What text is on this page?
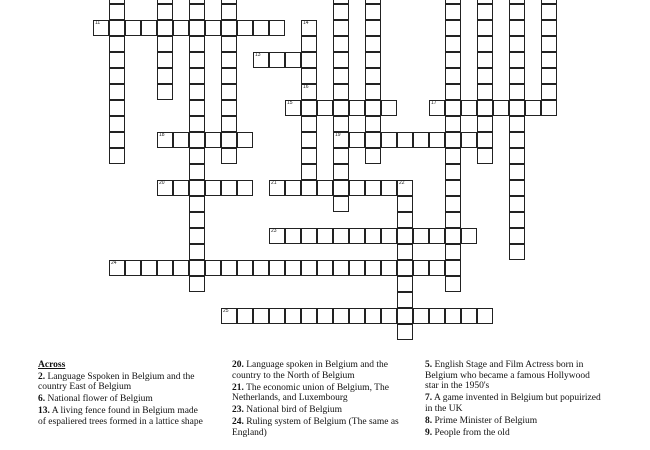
11
13
15	17
18	19
20	21
23
24
25
14
16
22
Across
2. Language Sspoken in Belgium and the country East of Belgium
6. National flower of Belgium
13. A living fence found in Belgium made of espaliered trees formed in a lattice shape
20. Language spoken in Belgium and the country to the North of Belgium
21. The economic union of Belgium, The Netherlands, and Luxembourg
23. National bird of Belgium
24. Ruling system of Belgium (The same as England)
5. English Stage and Film Actress born in Belgium who became a famous Hollywood star in the 1950's
7. A game invented in Belgium but popuirized in the UK
8. Prime Minister of Belgium
9. People from the old
